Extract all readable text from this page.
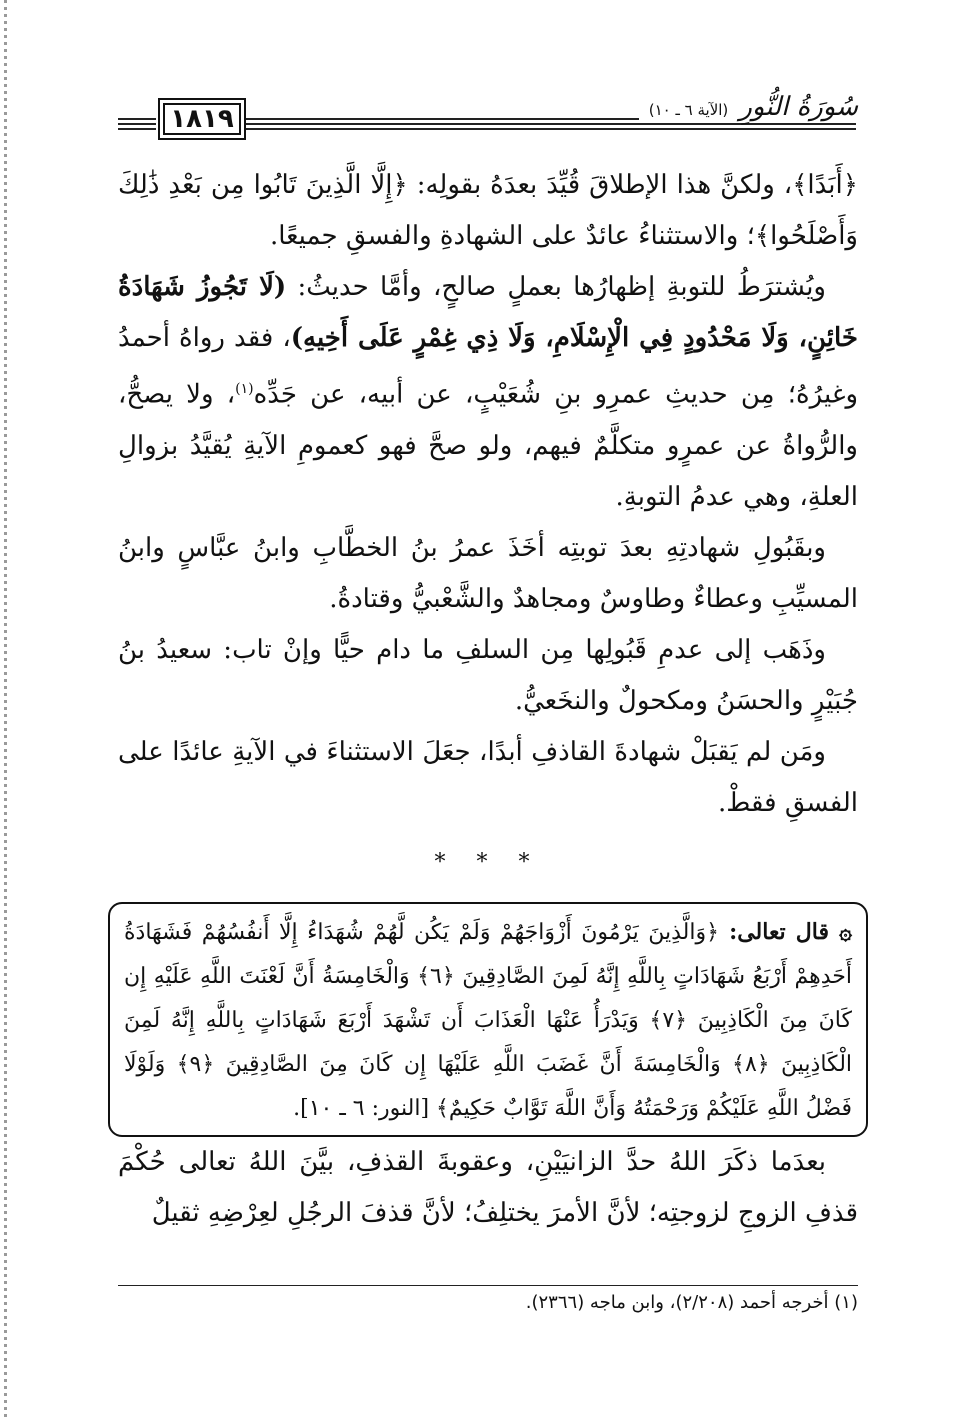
١٨١٩	سُورَةُ النُّورِ (الآية ٦ ـ ١٠)

﴿أَبَدًا﴾، ولكنَّ هذا الإطلاقَ قُيِّدَ بعدَهُ بقولِه: ﴿إِلَّا الَّذِينَ تَابُوا مِن بَعْدِ ذَٰلِكَ وَأَصْلَحُوا﴾؛ والاستثناءُ عائدٌ على الشهادةِ والفسقِ جميعًا.

ويُشترَطُ للتوبةِ إظهارُها بعملٍ صالحٍ، وأمَّا حديثُ: (لَا تَجُوزُ شَهَادَةُ خَائِنٍ، وَلَا مَحْدُودٍ فِي الْإِسْلَامِ، وَلَا ذِي غِمْرٍ عَلَى أَخِيهِ)، فقد رواهُ أحمدُ وغيرُهُ؛ مِن حديثِ عمرِو بنِ شُعَيْبٍ، عن أبيه، عن جَدِّه$^{(١)}$، ولا يصحُّ، والرُّواةُ عن عمرٍو متكلَّمٌ فيهم، ولو صحَّ فهو كعمومِ الآيةِ يُقيَّدُ بزوالِ العلةِ، وهي عدمُ التوبةِ.

وبقَبُولِ شهادتِهِ بعدَ توبتِه أخَذَ عمرُ بنُ الخطَّابِ وابنُ عبَّاسٍ وابنُ المسيِّبِ وعطاءٌ وطاوسٌ ومجاهدٌ والشَّعْبيُّ وقتادةُ.

وذَهَب إلى عدمِ قَبُولِها مِن السلفِ ما دام حيًّا وإنْ تاب: سعيدُ بنُ جُبَيْرٍ والحسَنُ ومكحولٌ والنخَعيُّ.

ومَن لم يَقبَلْ شهادةَ القاذفِ أبدًا، جعَلَ الاستثناءَ في الآيةِ عائدًا على الفسقِ فقطْ.

* * *
۞ قال تعالى: ﴿وَالَّذِينَ يَرْمُونَ أَزْوَاجَهُمْ وَلَمْ يَكُن لَّهُمْ شُهَدَاءُ إِلَّا أَنفُسُهُمْ فَشَهَادَةُ أَحَدِهِمْ أَرْبَعُ شَهَادَاتٍ بِاللَّهِ إِنَّهُ لَمِنَ الصَّادِقِينَ ﴿٦﴾ وَالْخَامِسَةُ أَنَّ لَعْنَتَ اللَّهِ عَلَيْهِ إِن كَانَ مِنَ الْكَاذِبِينَ ﴿٧﴾ وَيَدْرَأُ عَنْهَا الْعَذَابَ أَن تَشْهَدَ أَرْبَعَ شَهَادَاتٍ بِاللَّهِ إِنَّهُ لَمِنَ الْكَاذِبِينَ ﴿٨﴾ وَالْخَامِسَةَ أَنَّ غَضَبَ اللَّهِ عَلَيْهَا إِن كَانَ مِنَ الصَّادِقِينَ ﴿٩﴾ وَلَوْلَا فَضْلُ اللَّهِ عَلَيْكُمْ وَرَحْمَتُهُ وَأَنَّ اللَّهَ تَوَّابٌ حَكِيمٌ﴾ [النور: ٦ ـ ١٠].

بعدَما ذكَرَ اللهُ حدَّ الزانيَيْنِ، وعقوبةَ القذفِ، بيَّنَ اللهُ تعالى حُكْمَ قذفِ الزوجِ لزوجتِه؛ لأنَّ الأمرَ يختلِفُ؛ لأنَّ قذفَ الرجُلِ لعِرْضِهِ ثقيلٌ

(١) أخرجه أحمد (٢/٢٠٨)، وابن ماجه (٢٣٦٦).
